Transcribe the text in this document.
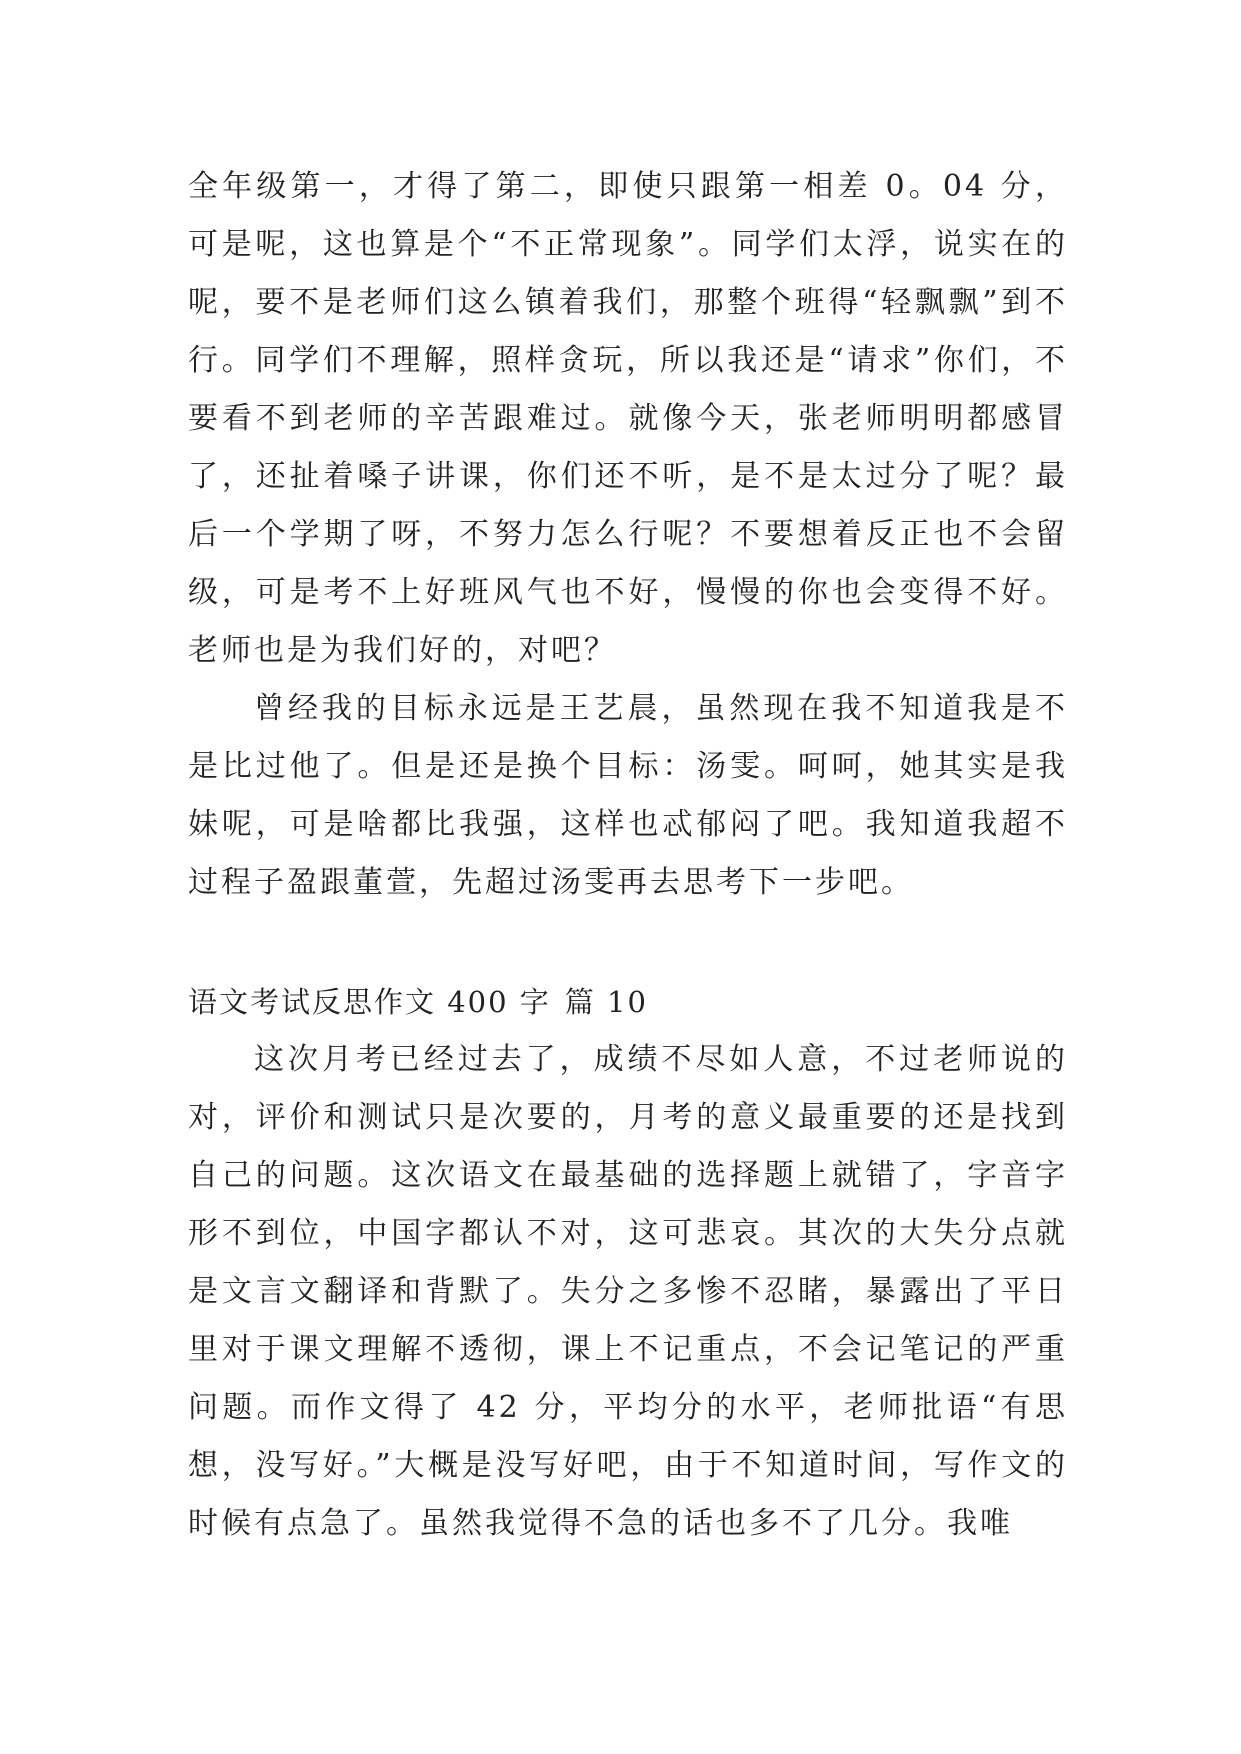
全年级第一，才得了第二，即使只跟第一相差 0。04 分，可是呢，这也算是个“不正常现象”。同学们太浮，说实在的呢，要不是老师们这么镇着我们，那整个班得“轻飘飘”到不行。同学们不理解，照样贪玩，所以我还是“请求”你们，不要看不到老师的辛苦跟难过。就像今天，张老师明明都感冒了，还扯着嗓子讲课，你们还不听，是不是太过分了呢？最后一个学期了呀，不努力怎么行呢？不要想着反正也不会留级，可是考不上好班风气也不好，慢慢的你也会变得不好。老师也是为我们好的，对吧？

曾经我的目标永远是王艺晨，虽然现在我不知道我是不是比过他了。但是还是换个目标：汤雯。呵呵，她其实是我妹呢，可是啥都比我强，这样也忒郁闷了吧。我知道我超不过程子盈跟董萱，先超过汤雯再去思考下一步吧。

语文考试反思作文 400 字 篇 10

这次月考已经过去了，成绩不尽如人意，不过老师说的对，评价和测试只是次要的，月考的意义最重要的还是找到自己的问题。这次语文在最基础的选择题上就错了，字音字形不到位，中国字都认不对，这可悲哀。其次的大失分点就是文言文翻译和背默了。失分之多惨不忍睹，暴露出了平日里对于课文理解不透彻，课上不记重点，不会记笔记的严重问题。而作文得了 42 分，平均分的水平，老师批语“有思想，没写好。”大概是没写好吧，由于不知道时间，写作文的时候有点急了。虽然我觉得不急的话也多不了几分。我唯
